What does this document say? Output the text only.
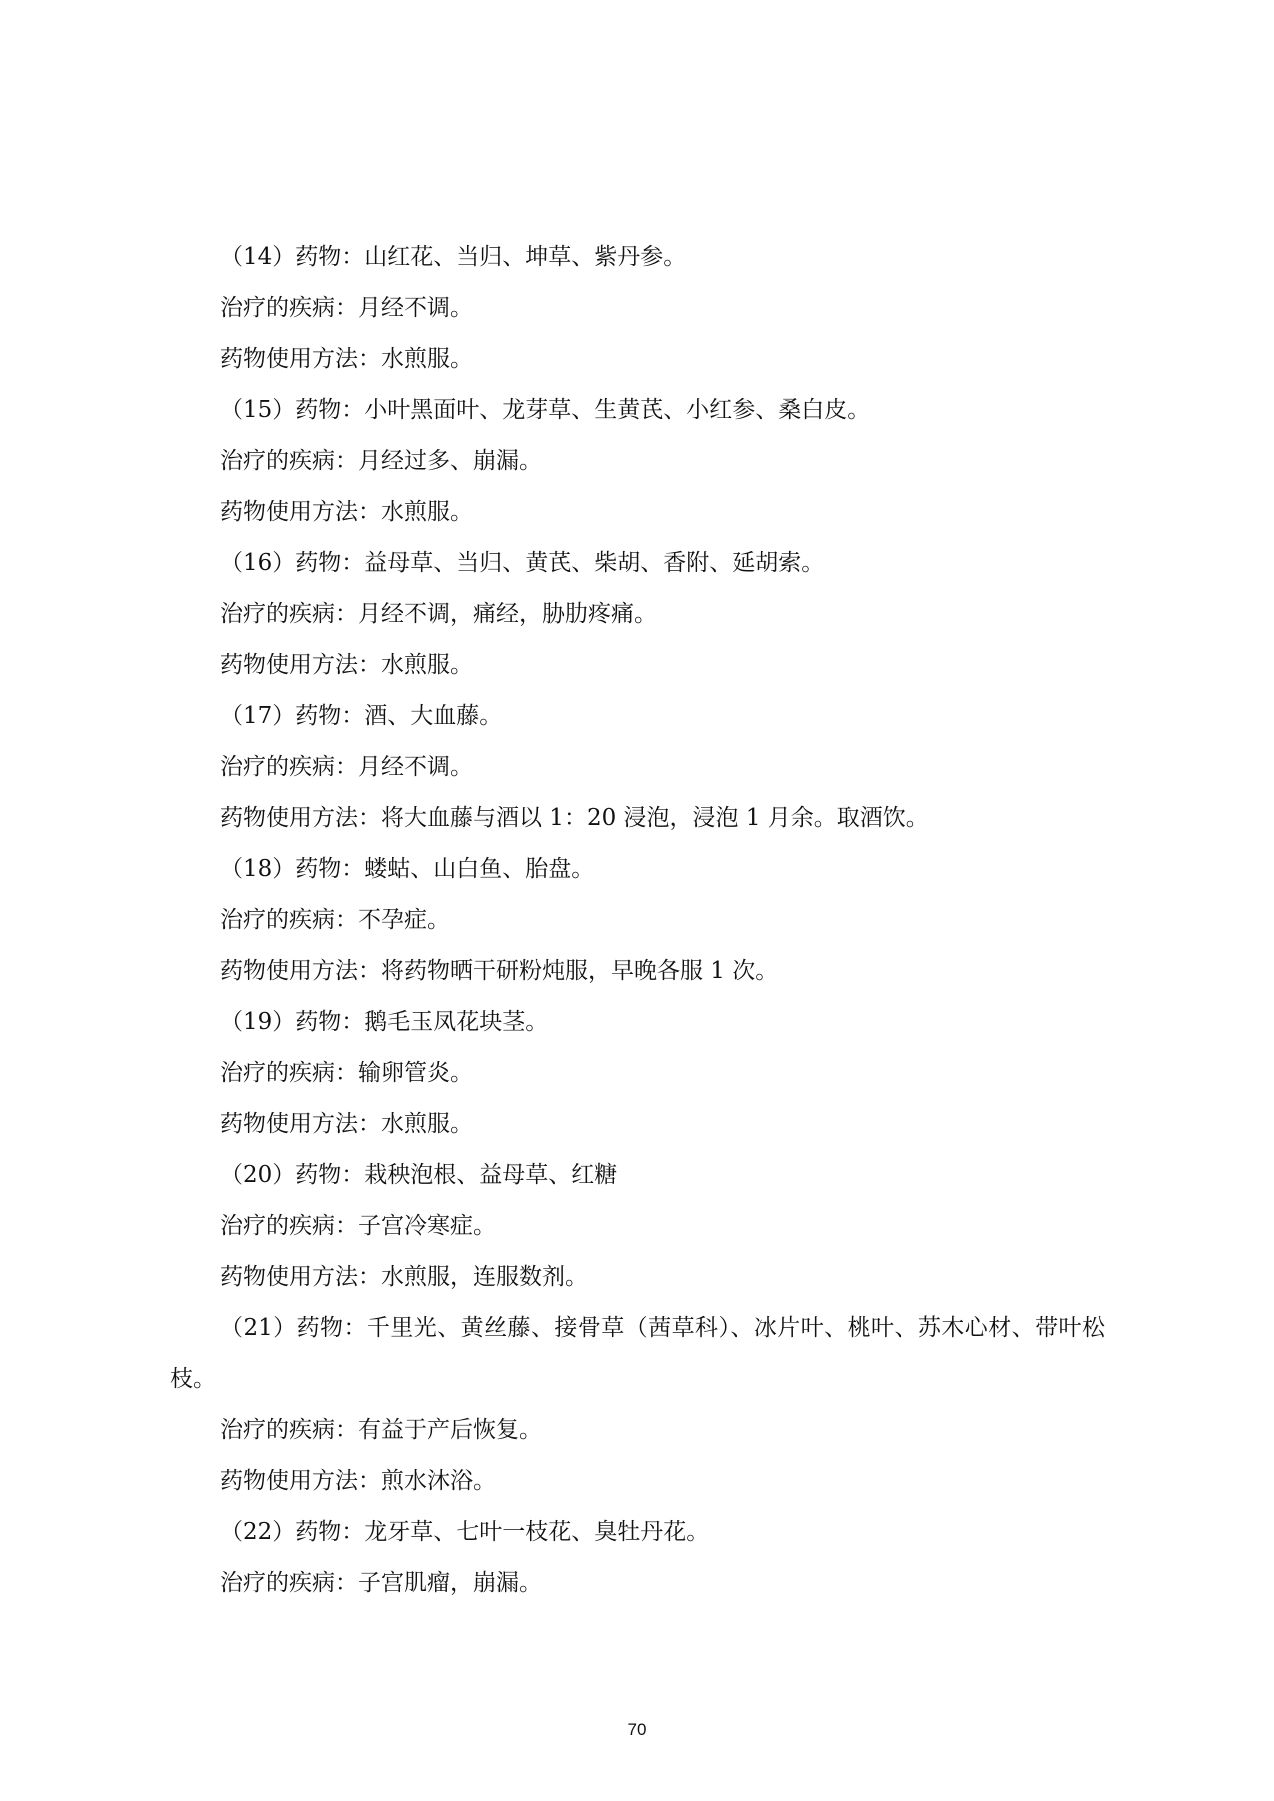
（14）药物：山红花、当归、坤草、紫丹参。

治疗的疾病：月经不调。

药物使用方法：水煎服。

（15）药物：小叶黑面叶、龙芽草、生黄芪、小红参、桑白皮。

治疗的疾病：月经过多、崩漏。

药物使用方法：水煎服。

（16）药物：益母草、当归、黄芪、柴胡、香附、延胡索。

治疗的疾病：月经不调，痛经，胁肋疼痛。

药物使用方法：水煎服。

（17）药物：酒、大血藤。

治疗的疾病：月经不调。

药物使用方法：将大血藤与酒以 1：20 浸泡，浸泡 1 月余。取酒饮。

（18）药物：蝼蛄、山白鱼、胎盘。

治疗的疾病：不孕症。

药物使用方法：将药物晒干研粉炖服，早晚各服 1 次。

（19）药物：鹅毛玉凤花块茎。

治疗的疾病：输卵管炎。

药物使用方法：水煎服。

（20）药物：栽秧泡根、益母草、红糖

治疗的疾病：子宫冷寒症。

药物使用方法：水煎服，连服数剂。

（21）药物：千里光、黄丝藤、接骨草（茜草科）、冰片叶、桃叶、苏木心材、带叶松枝。

治疗的疾病：有益于产后恢复。

药物使用方法：煎水沐浴。

（22）药物：龙牙草、七叶一枝花、臭牡丹花。

治疗的疾病：子宫肌瘤，崩漏。

70
